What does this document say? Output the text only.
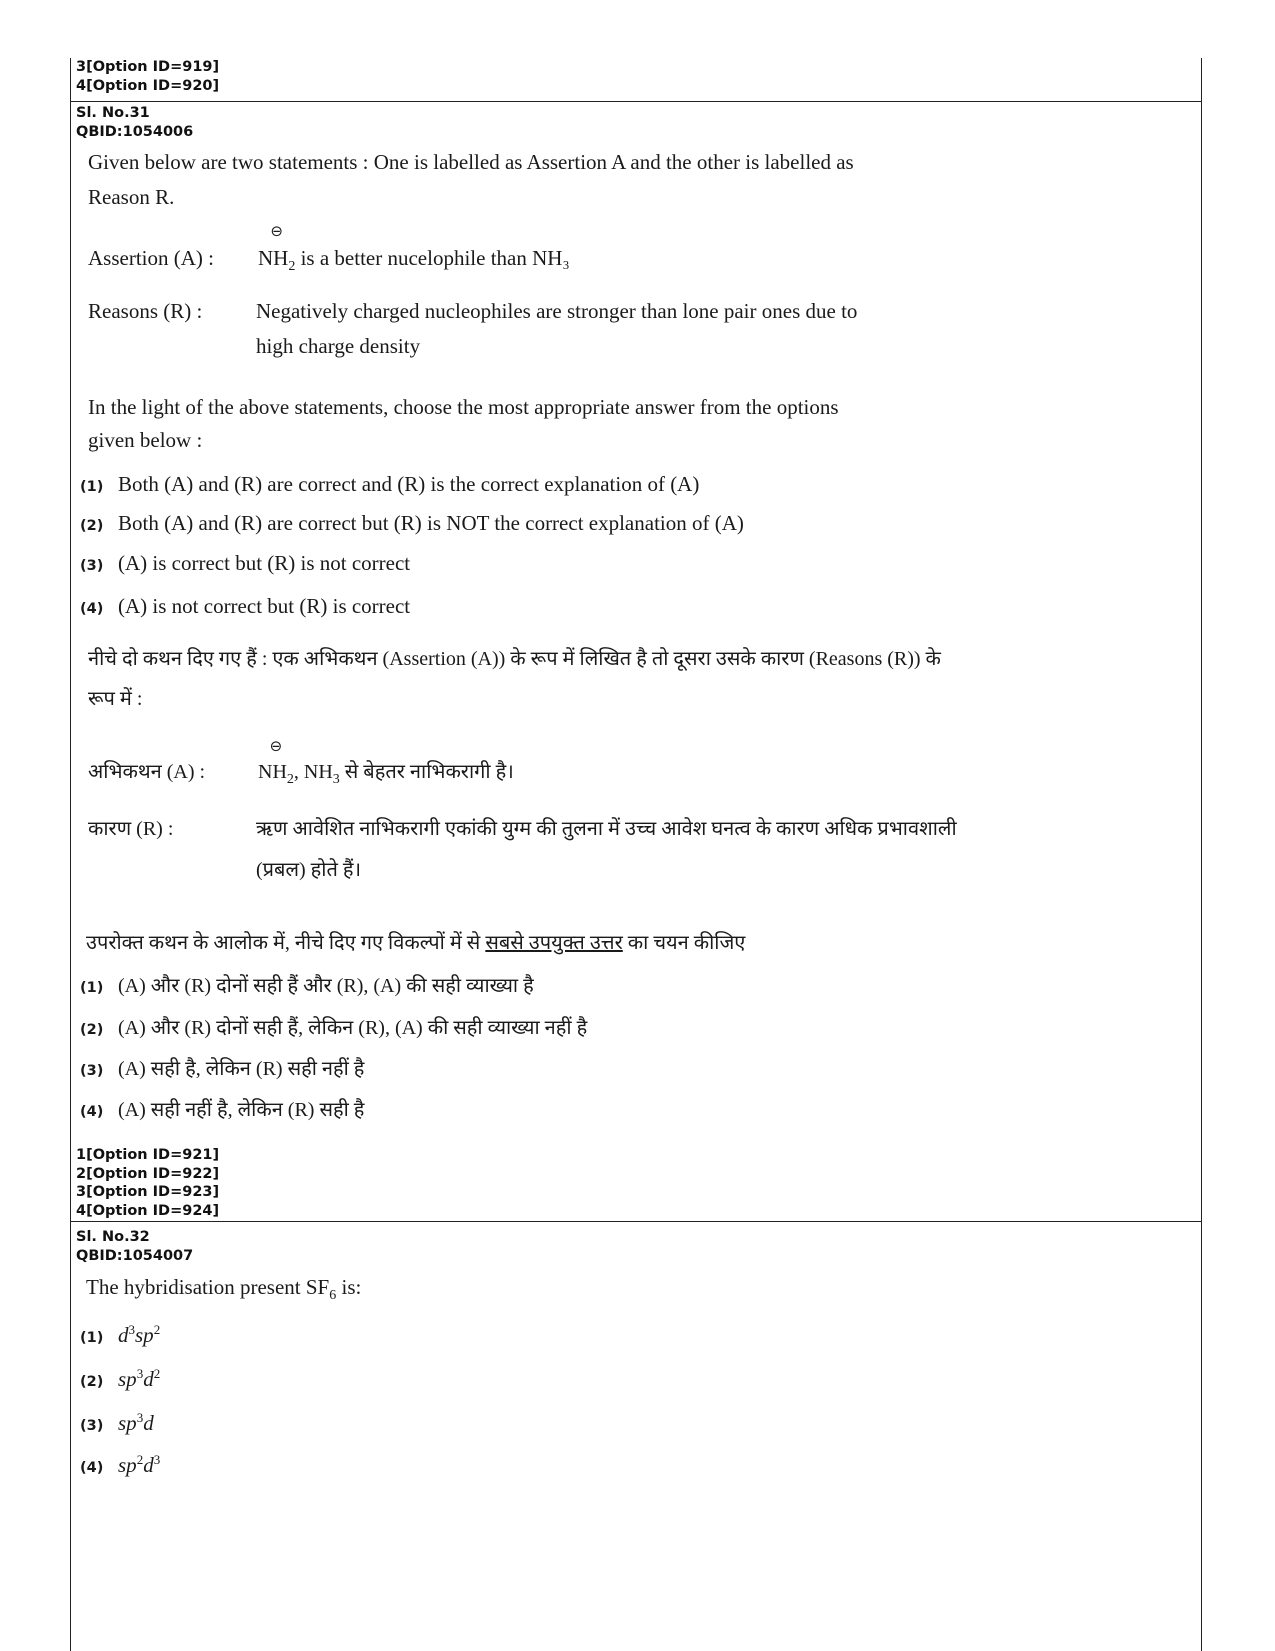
3[Option ID=919]
4[Option ID=920]
Sl. No.31
QBID:1054006
Given below are two statements : One is labelled as Assertion A and the other is labelled as
Reason R.
Assertion (A) : $NH_2$
⊖
is a better nucelophile than NH₃
Reasons (R) :	Negatively charged nucleophiles are stronger than lone pair ones due to
high charge density
In the light of the above statements, choose the most appropriate answer from the options
given below :
(1) Both (A) and (R) are correct and (R) is the correct explanation of (A)
(2) Both (A) and (R) are correct but (R) is NOT the correct explanation of (A)
(3) (A) is correct but (R) is not correct
(4) (A) is not correct but (R) is correct
नीचे दो कथन दिए गए हैं : एक अभिकथन (Assertion (A)) के रूप में लिखित है तो दूसरा उसके कारण (Reasons (R)) के
रूप में :
अभिकथन (A) :	$NH_2$
⊖
, $NH_3$ से बेहतर नाभिकरागी है।
कारण (R) :	ऋण आवेशित नाभिकरागी एकांकी युग्म की तुलना में उच्च आवेश घनत्व के कारण अधिक प्रभावशाली
(प्रबल) होते हैं।
उपरोक्त कथन के आलोक में, नीचे दिए गए विकल्पों में से सबसे उपयुक्त उत्तर का चयन कीजिए
(1) (A) और (R) दोनों सही हैं और (R), (A) की सही व्याख्या है
(2) (A) और (R) दोनों सही हैं, लेकिन (R), (A) की सही व्याख्या नहीं है
(3) (A) सही है, लेकिन (R) सही नहीं है
(4) (A) सही नहीं है, लेकिन (R) सही है
1[Option ID=921]
2[Option ID=922]
3[Option ID=923]
4[Option ID=924]
Sl. No.32
QBID:1054007
The hybridisation present $SF_6$ is:
(1) $d^3sp^2$
(2) $sp^3d^2$
(3) $sp^3d$
(4) $sp^2d^3$
